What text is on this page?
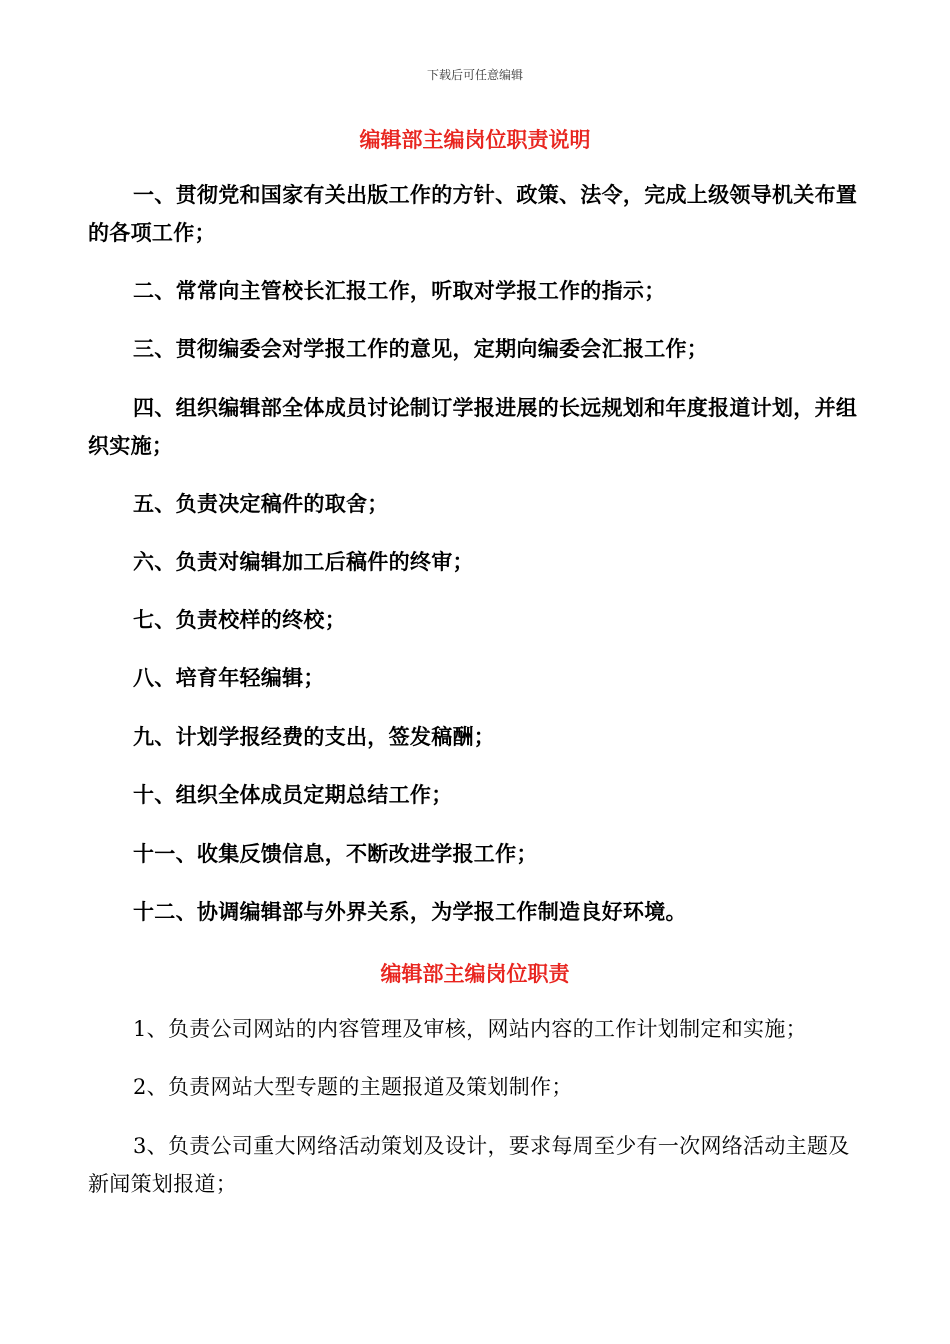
下载后可任意编辑
编辑部主编岗位职责说明
一、贯彻党和国家有关出版工作的方针、政策、法令，完成上级领导机关布置的各项工作；
二、常常向主管校长汇报工作，听取对学报工作的指示；
三、贯彻编委会对学报工作的意见，定期向编委会汇报工作；
四、组织编辑部全体成员讨论制订学报进展的长远规划和年度报道计划，并组织实施；
五、负责决定稿件的取舍；
六、负责对编辑加工后稿件的终审；
七、负责校样的终校；
八、培育年轻编辑；
九、计划学报经费的支出，签发稿酬；
十、组织全体成员定期总结工作；
十一、收集反馈信息，不断改进学报工作；
十二、协调编辑部与外界关系，为学报工作制造良好环境。
编辑部主编岗位职责
1、负责公司网站的内容管理及审核，网站内容的工作计划制定和实施；
2、负责网站大型专题的主题报道及策划制作；
3、负责公司重大网络活动策划及设计，要求每周至少有一次网络活动主题及新闻策划报道；
